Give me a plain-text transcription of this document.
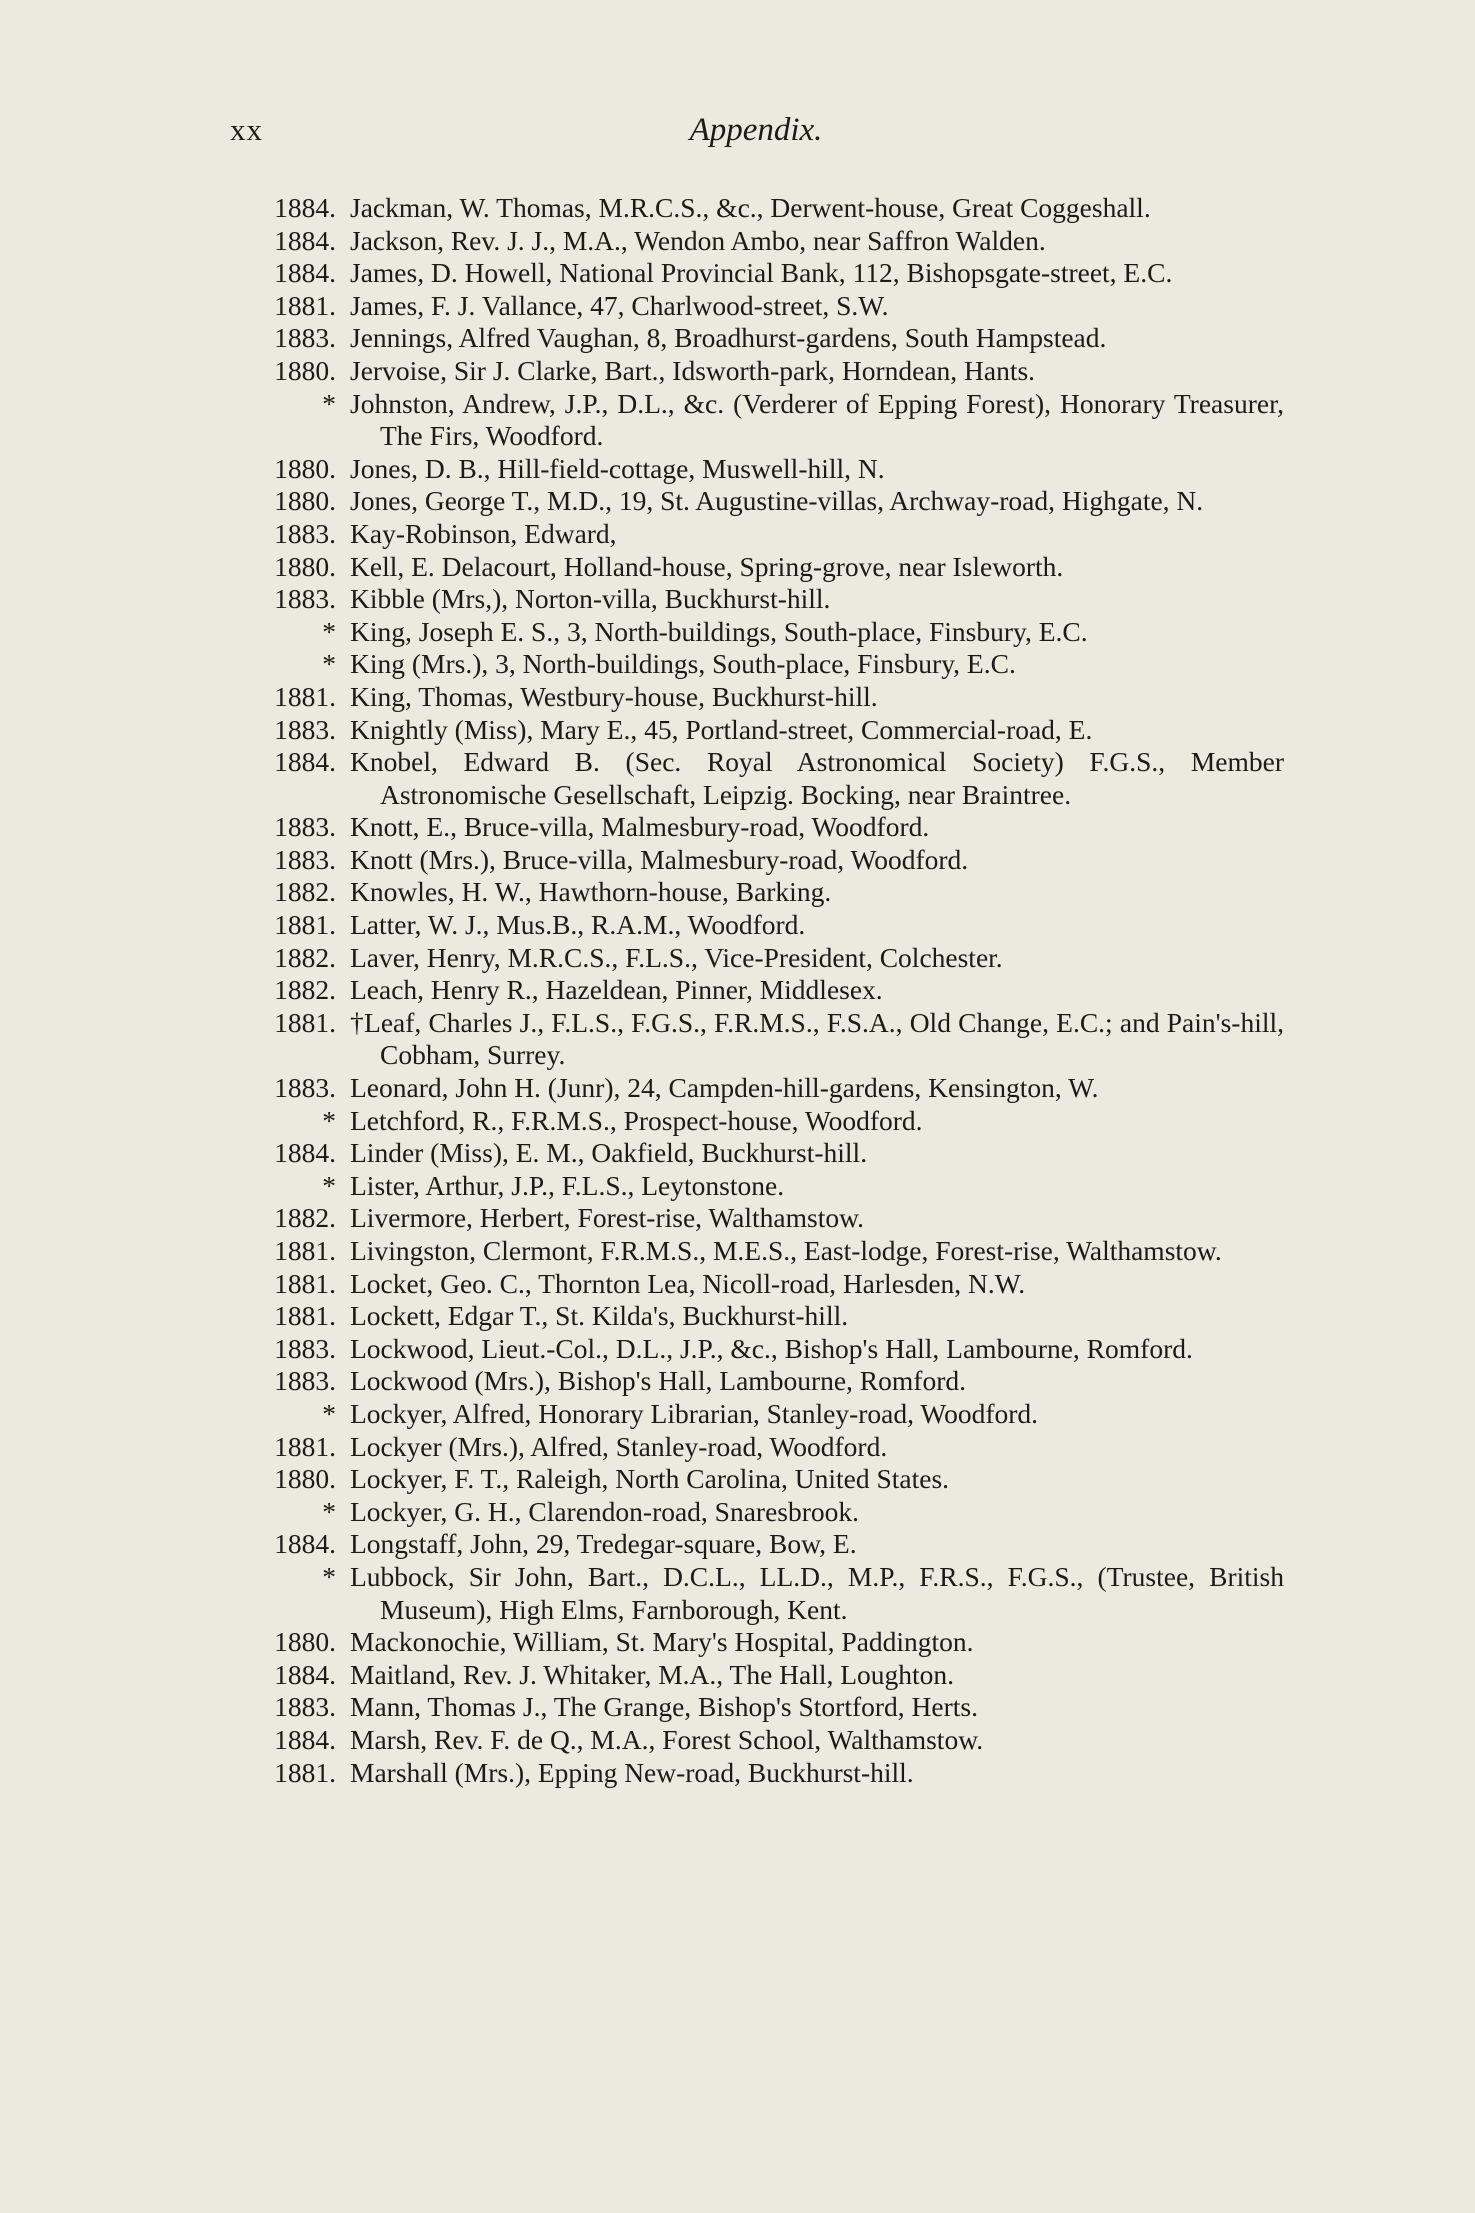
xx	Appendix.
1884. Jackman, W. Thomas, M.R.C.S., &c., Derwent-house, Great Coggeshall.
1884. Jackson, Rev. J. J., M.A., Wendon Ambo, near Saffron Walden.
1884. James, D. Howell, National Provincial Bank, 112, Bishopsgate-street, E.C.
1881. James, F. J. Vallance, 47, Charlwood-street, S.W.
1883. Jennings, Alfred Vaughan, 8, Broadhurst-gardens, South Hampstead.
1880. Jervoise, Sir J. Clarke, Bart., Idsworth-park, Horndean, Hants.
* Johnston, Andrew, J.P., D.L., &c. (Verderer of Epping Forest), Honorary Treasurer, The Firs, Woodford.
1880. Jones, D. B., Hill-field-cottage, Muswell-hill, N.
1880. Jones, George T., M.D., 19, St. Augustine-villas, Archway-road, Highgate, N.
1883. Kay-Robinson, Edward,
1880. Kell, E. Delacourt, Holland-house, Spring-grove, near Isleworth.
1883. Kibble (Mrs,), Norton-villa, Buckhurst-hill.
* King, Joseph E. S., 3, North-buildings, South-place, Finsbury, E.C.
* King (Mrs.), 3, North-buildings, South-place, Finsbury, E.C.
1881. King, Thomas, Westbury-house, Buckhurst-hill.
1883. Knightly (Miss), Mary E., 45, Portland-street, Commercial-road, E.
1884. Knobel, Edward B. (Sec. Royal Astronomical Society) F.G.S., Member Astronomische Gesellschaft, Leipzig. Bocking, near Braintree.
1883. Knott, E., Bruce-villa, Malmesbury-road, Woodford.
1883. Knott (Mrs.), Bruce-villa, Malmesbury-road, Woodford.
1882. Knowles, H. W., Hawthorn-house, Barking.
1881. Latter, W. J., Mus.B., R.A.M., Woodford.
1882. Laver, Henry, M.R.C.S., F.L.S., Vice-President, Colchester.
1882. Leach, Henry R., Hazeldean, Pinner, Middlesex.
1881. †Leaf, Charles J., F.L.S., F.G.S., F.R.M.S., F.S.A., Old Change, E.C.; and Pain's-hill, Cobham, Surrey.
1883. Leonard, John H. (Junr), 24, Campden-hill-gardens, Kensington, W.
* Letchford, R., F.R.M.S., Prospect-house, Woodford.
1884. Linder (Miss), E. M., Oakfield, Buckhurst-hill.
* Lister, Arthur, J.P., F.L.S., Leytonstone.
1882. Livermore, Herbert, Forest-rise, Walthamstow.
1881. Livingston, Clermont, F.R.M.S., M.E.S., East-lodge, Forest-rise, Walthamstow.
1881. Locket, Geo. C., Thornton Lea, Nicoll-road, Harlesden, N.W.
1881. Lockett, Edgar T., St. Kilda's, Buckhurst-hill.
1883. Lockwood, Lieut.-Col., D.L., J.P., &c., Bishop's Hall, Lambourne, Romford.
1883. Lockwood (Mrs.), Bishop's Hall, Lambourne, Romford.
* Lockyer, Alfred, Honorary Librarian, Stanley-road, Woodford.
1881. Lockyer (Mrs.), Alfred, Stanley-road, Woodford.
1880. Lockyer, F. T., Raleigh, North Carolina, United States.
* Lockyer, G. H., Clarendon-road, Snaresbrook.
1884. Longstaff, John, 29, Tredegar-square, Bow, E.
* Lubbock, Sir John, Bart., D.C.L., LL.D., M.P., F.R.S., F.G.S., (Trustee, British Museum), High Elms, Farnborough, Kent.
1880. Mackonochie, William, St. Mary's Hospital, Paddington.
1884. Maitland, Rev. J. Whitaker, M.A., The Hall, Loughton.
1883. Mann, Thomas J., The Grange, Bishop's Stortford, Herts.
1884. Marsh, Rev. F. de Q., M.A., Forest School, Walthamstow.
1881. Marshall (Mrs.), Epping New-road, Buckhurst-hill.
